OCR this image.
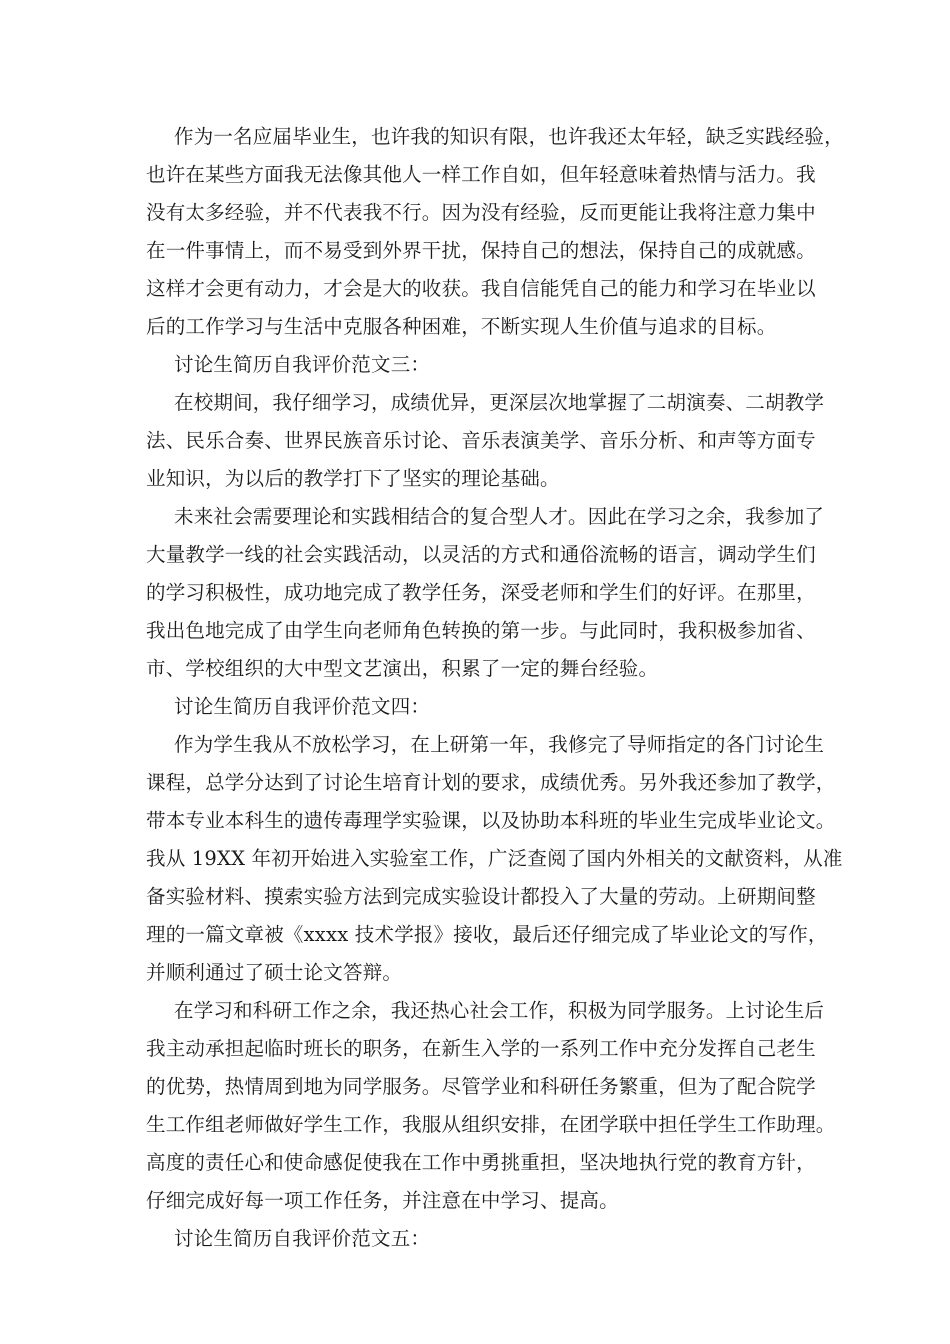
作为一名应届毕业生，也许我的知识有限，也许我还太年轻，缺乏实践经验，
也许在某些方面我无法像其他人一样工作自如，但年轻意味着热情与活力。我
没有太多经验，并不代表我不行。因为没有经验，反而更能让我将注意力集中
在一件事情上，而不易受到外界干扰，保持自己的想法，保持自己的成就感。
这样才会更有动力，才会是大的收获。我自信能凭自己的能力和学习在毕业以
后的工作学习与生活中克服各种困难，不断实现人生价值与追求的目标。
讨论生简历自我评价范文三：
在校期间，我仔细学习，成绩优异，更深层次地掌握了二胡演奏、二胡教学
法、民乐合奏、世界民族音乐讨论、音乐表演美学、音乐分析、和声等方面专
业知识，为以后的教学打下了坚实的理论基础。
未来社会需要理论和实践相结合的复合型人才。因此在学习之余，我参加了
大量教学一线的社会实践活动，以灵活的方式和通俗流畅的语言，调动学生们
的学习积极性，成功地完成了教学任务，深受老师和学生们的好评。在那里，
我出色地完成了由学生向老师角色转换的第一步。与此同时，我积极参加省、
市、学校组织的大中型文艺演出，积累了一定的舞台经验。
讨论生简历自我评价范文四：
作为学生我从不放松学习，在上研第一年，我修完了导师指定的各门讨论生
课程，总学分达到了讨论生培育计划的要求，成绩优秀。另外我还参加了教学，
带本专业本科生的遗传毒理学实验课，以及协助本科班的毕业生完成毕业论文。
我从 19XX 年初开始进入实验室工作，广泛查阅了国内外相关的文献资料，从准
备实验材料、摸索实验方法到完成实验设计都投入了大量的劳动。上研期间整
理的一篇文章被《xxxx 技术学报》接收，最后还仔细完成了毕业论文的写作，
并顺利通过了硕士论文答辩。
在学习和科研工作之余，我还热心社会工作，积极为同学服务。上讨论生后
我主动承担起临时班长的职务，在新生入学的一系列工作中充分发挥自己老生
的优势，热情周到地为同学服务。尽管学业和科研任务繁重，但为了配合院学
生工作组老师做好学生工作，我服从组织安排，在团学联中担任学生工作助理。
高度的责任心和使命感促使我在工作中勇挑重担，坚决地执行党的教育方针，
仔细完成好每一项工作任务，并注意在中学习、提高。
讨论生简历自我评价范文五：
